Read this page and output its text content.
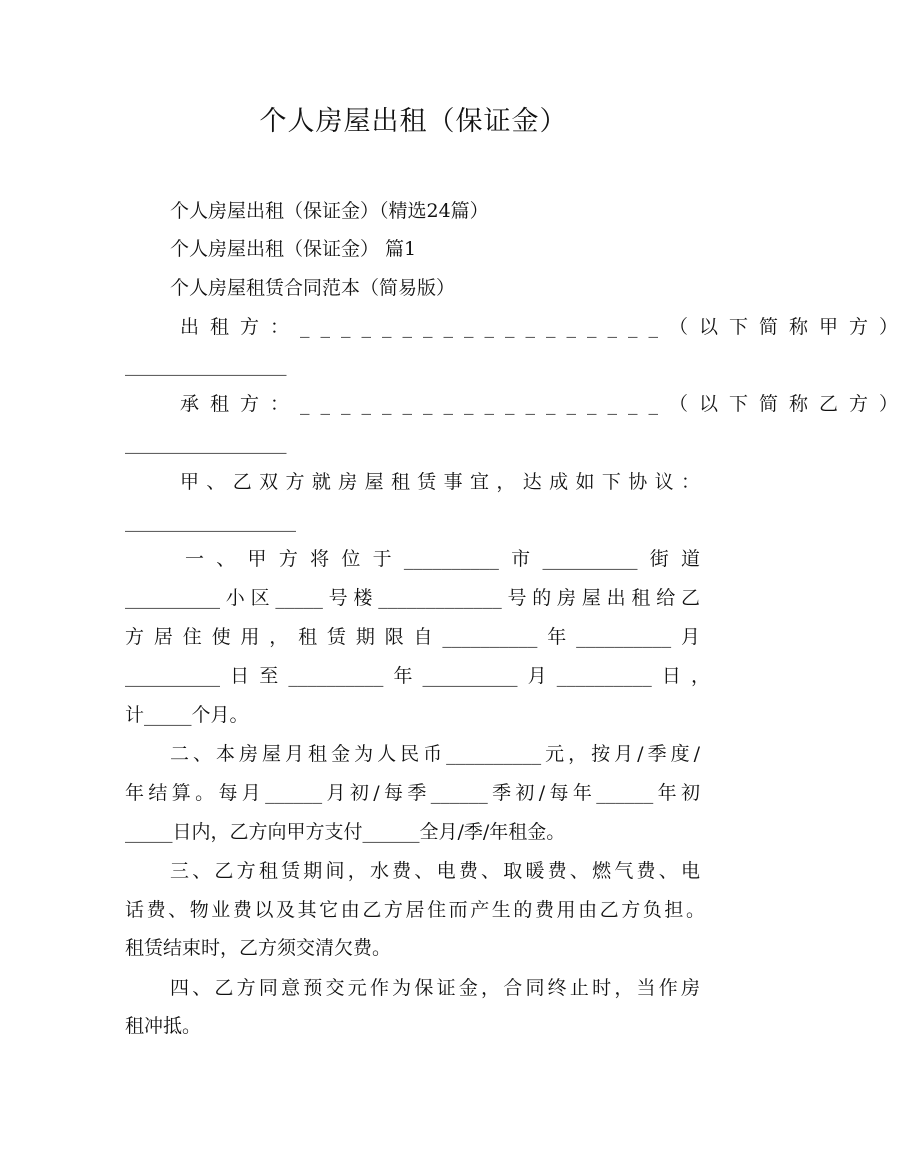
个人房屋出租（保证金）
个人房屋出租（保证金）（精选24篇）
个人房屋出租（保证金） 篇1
个人房屋租赁合同范本（简易版）
出租方：__________________（以下简称甲方）
_________________
承租方：__________________（以下简称乙方）
_________________
甲、乙双方就房屋租赁事宜，达成如下协议：
__________________
一、甲方将位于__________市__________街道
__________小区_____号楼_____________号的房屋出租给乙
方居住使用，租赁期限自__________年__________月
__________日至__________年__________月__________日，
计_____个月。
二、本房屋月租金为人民币__________元，按月/季度/
年结算。每月______月初/每季______季初/每年______年初
_____日内，乙方向甲方支付______全月/季/年租金。
三、乙方租赁期间，水费、电费、取暖费、燃气费、电
话费、物业费以及其它由乙方居住而产生的费用由乙方负担。
租赁结束时，乙方须交清欠费。
四、乙方同意预交元作为保证金，合同终止时，当作房
租冲抵。
